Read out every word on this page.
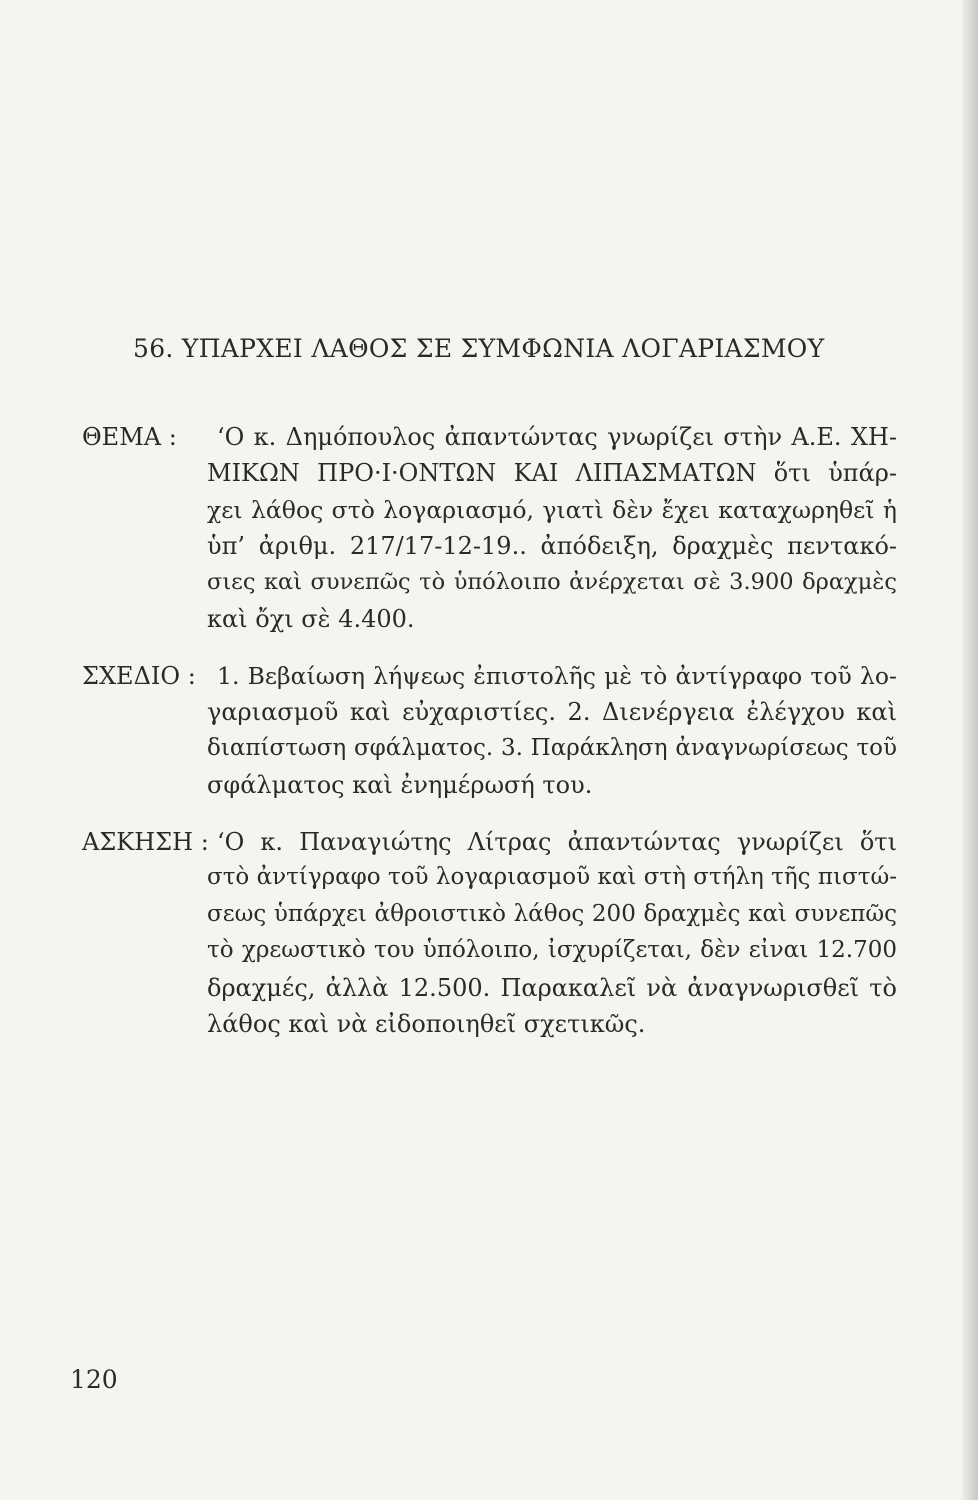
56. ΥΠΑΡΧΕΙ ΛΑΘΟΣ ΣΕ ΣΥΜΦΩΝΙΑ ΛΟΓΑΡΙΑΣΜΟΥ
ΘΕΜΑ : ‘Ο κ. Δημόπουλος ἀπαντώντας γνωρίζει στὴν Α.Ε. ΧΗ-
ΜΙΚΩΝ ΠΡΟ·Ι·ΟΝΤΩΝ ΚΑΙ ΛΙΠΑΣΜΑΤΩΝ ὅτι ὑπάρ-
χει λάθος στὸ λογαριασμό, γιατὶ δὲν ἔχει καταχωρηθεῖ ἡ
ὑπ’ ἀριθμ. 217/17-12-19.. ἀπόδειξη, δραχμὲς πεντακό-
σιες καὶ συνεπῶς τὸ ὑπόλοιπο ἀνέρχεται σὲ 3.900 δραχμὲς
καὶ ὄχι σὲ 4.400.
ΣΧΕΔΙΟ : 1. Βεβαίωση λήψεως ἐπιστολῆς μὲ τὸ ἀντίγραφο τοῦ λο-
γαριασμοῦ καὶ εὐχαριστίες. 2. Διενέργεια ἐλέγχου καὶ
διαπίστωση σφάλματος. 3. Παράκληση ἀναγνωρίσεως τοῦ
σφάλματος καὶ ἐνημέρωσή του.
ΑΣΚΗΣΗ : ‘Ο κ. Παναγιώτης Λίτρας ἀπαντώντας γνωρίζει ὅτι
στὸ ἀντίγραφο τοῦ λογαριασμοῦ καὶ στὴ στήλη τῆς πιστώ-
σεως ὑπάρχει ἀθροιστικὸ λάθος 200 δραχμὲς καὶ συνεπῶς
τὸ χρεωστικὸ του ὑπόλοιπο, ἰσχυρίζεται, δὲν εἶναι 12.700
δραχμές, ἀλλὰ 12.500. Παρακαλεῖ νὰ ἀναγνωρισθεῖ τὸ
λάθος καὶ νὰ εἰδοποιηθεῖ σχετικῶς.
120
